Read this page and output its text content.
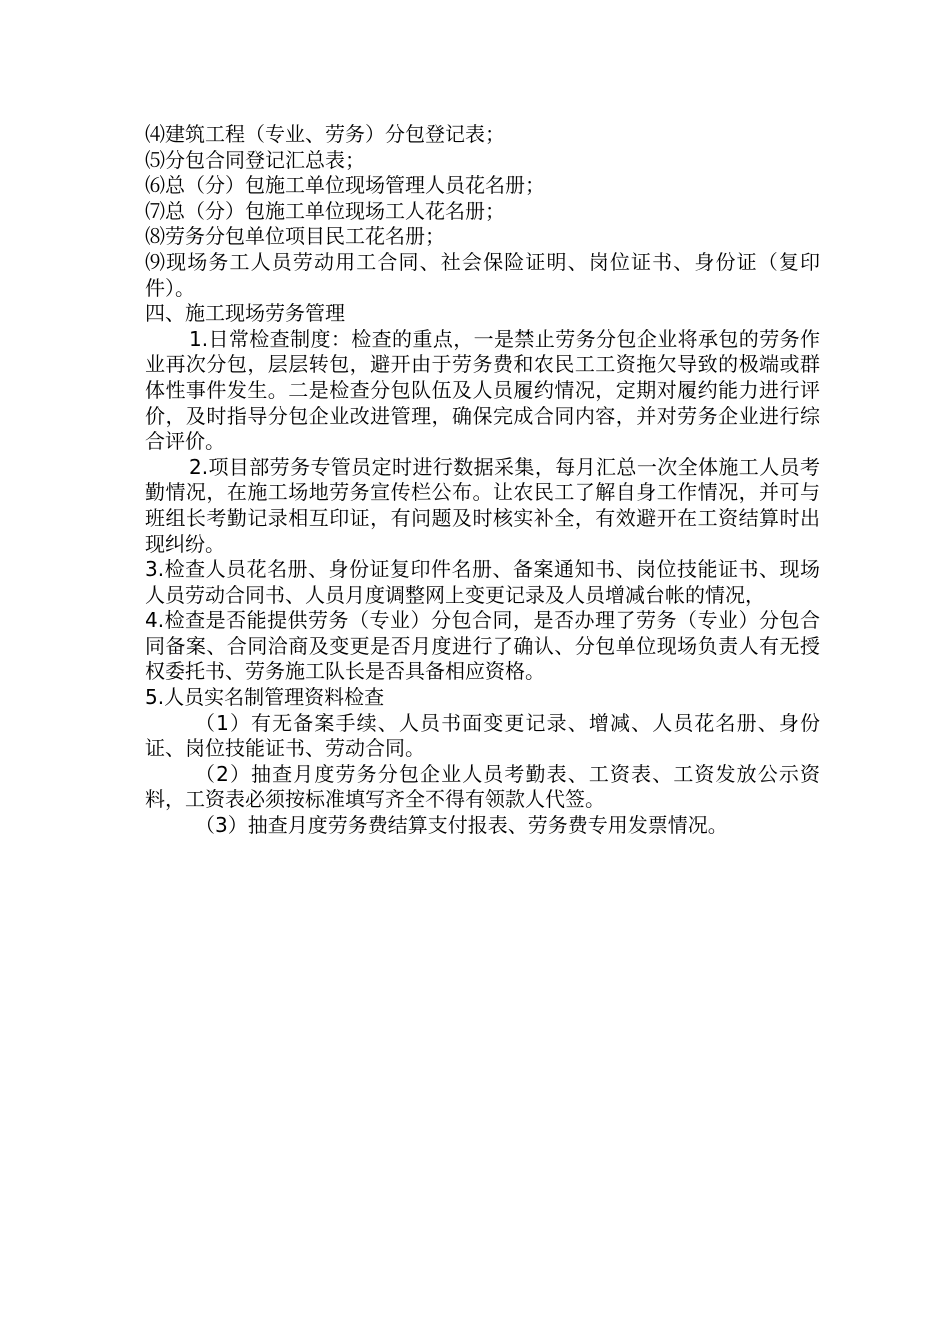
⑷建筑工程（专业、劳务）分包登记表；

⑸分包合同登记汇总表；

⑹总（分）包施工单位现场管理人员花名册；

⑺总（分）包施工单位现场工人花名册；

⑻劳务分包单位项目民工花名册；

⑼现场务工人员劳动用工合同、社会保险证明、岗位证书、身份证（复印件）。

四、施工现场劳务管理

1.日常检查制度：检查的重点，一是禁止劳务分包企业将承包的劳务作业再次分包，层层转包，避开由于劳务费和农民工工资拖欠导致的极端或群体性事件发生。二是检查分包队伍及人员履约情况，定期对履约能力进行评价，及时指导分包企业改进管理，确保完成合同内容，并对劳务企业进行综合评价。

2.项目部劳务专管员定时进行数据采集，每月汇总一次全体施工人员考勤情况，在施工场地劳务宣传栏公布。让农民工了解自身工作情况，并可与班组长考勤记录相互印证，有问题及时核实补全，有效避开在工资结算时出现纠纷。

3.检查人员花名册、身份证复印件名册、备案通知书、岗位技能证书、现场人员劳动合同书、人员月度调整网上变更记录及人员增减台帐的情况，

4.检查是否能提供劳务（专业）分包合同，是否办理了劳务（专业）分包合同备案、合同洽商及变更是否月度进行了确认、分包单位现场负责人有无授权委托书、劳务施工队长是否具备相应资格。

5.人员实名制管理资料检查

（1）有无备案手续、人员书面变更记录、增减、人员花名册、身份证、岗位技能证书、劳动合同。

（2）抽查月度劳务分包企业人员考勤表、工资表、工资发放公示资料，工资表必须按标准填写齐全不得有领款人代签。

（3）抽查月度劳务费结算支付报表、劳务费专用发票情况。
